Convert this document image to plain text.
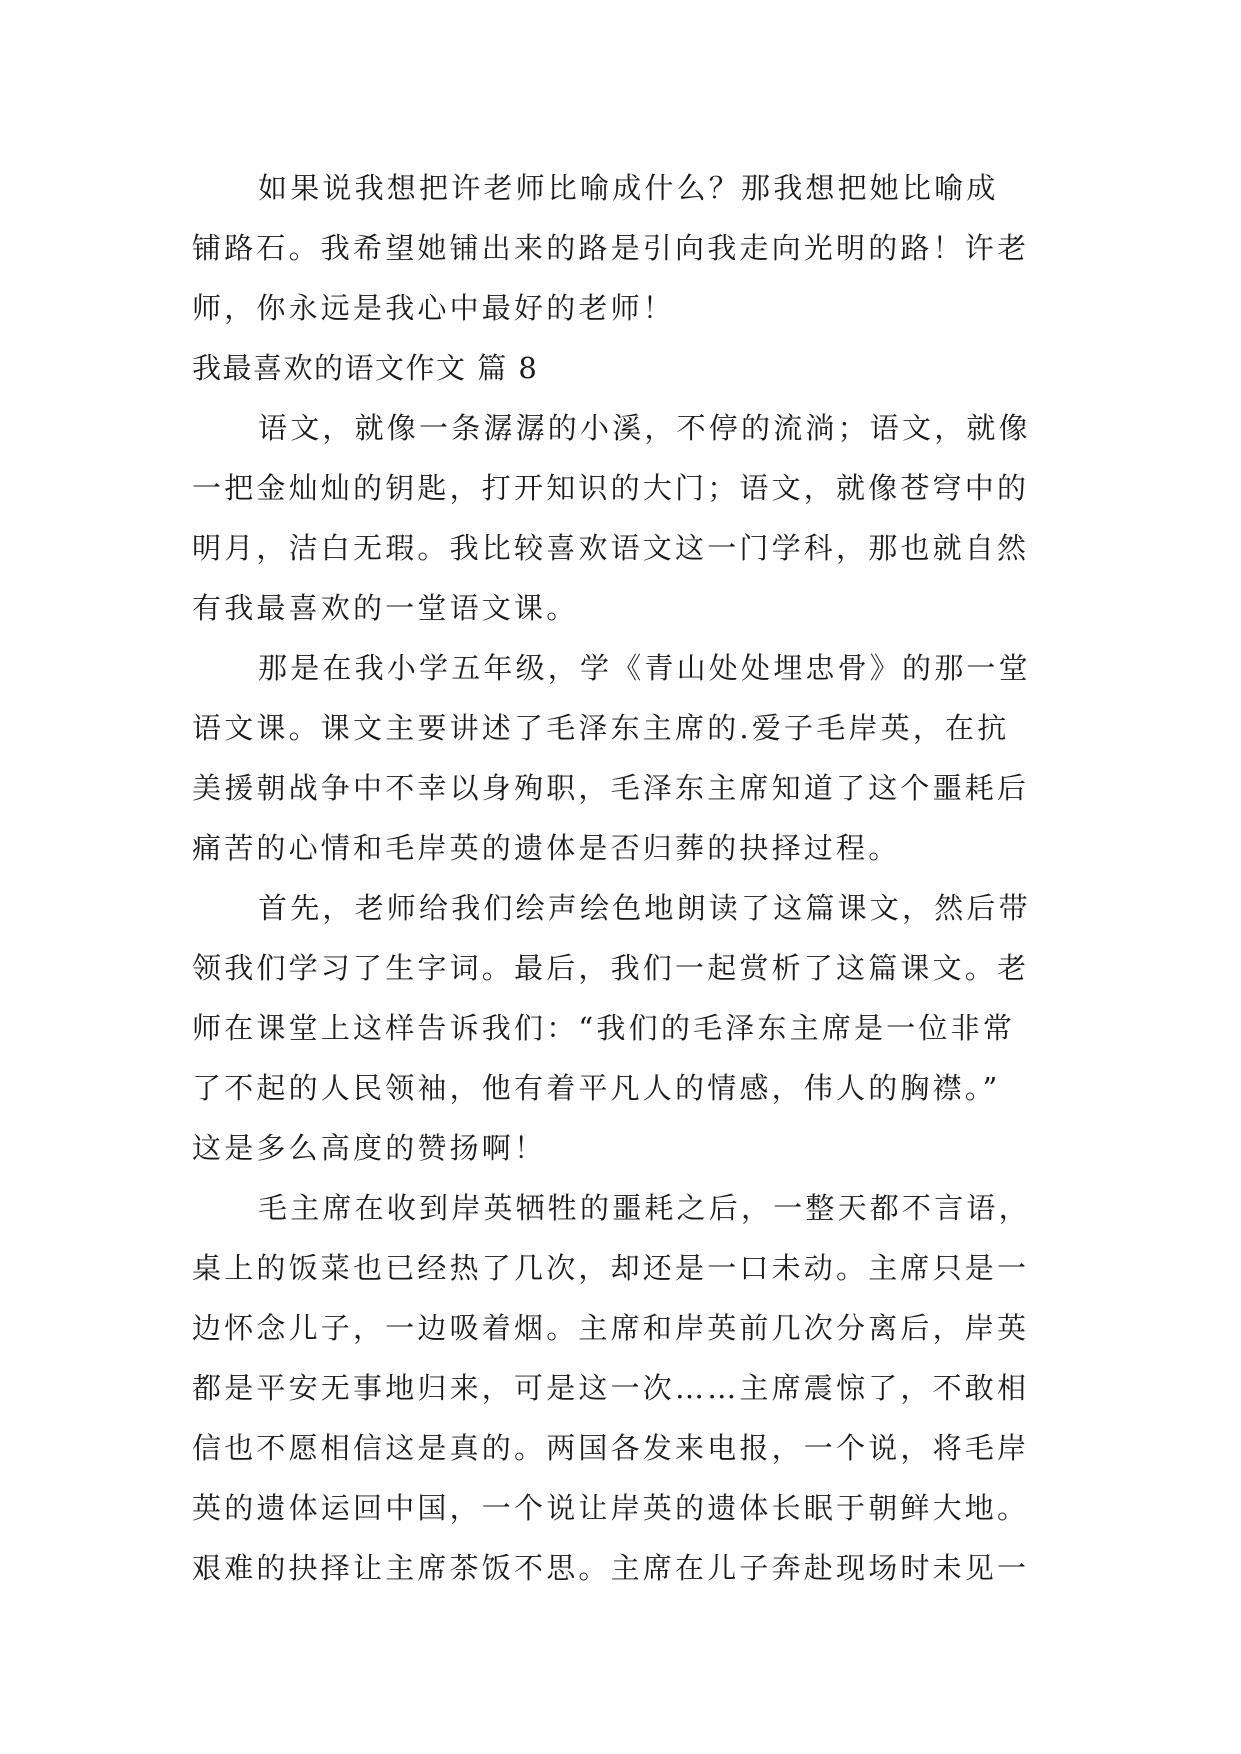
如果说我想把许老师比喻成什么？那我想把她比喻成
铺路石。我希望她铺出来的路是引向我走向光明的路！许老
师，你永远是我心中最好的老师！
我最喜欢的语文作文 篇 8
语文，就像一条潺潺的小溪，不停的流淌；语文，就像
一把金灿灿的钥匙，打开知识的大门；语文，就像苍穹中的
明月，洁白无瑕。我比较喜欢语文这一门学科，那也就自然
有我最喜欢的一堂语文课。
那是在我小学五年级，学《青山处处埋忠骨》的那一堂
语文课。课文主要讲述了毛泽东主席的.爱子毛岸英，在抗
美援朝战争中不幸以身殉职，毛泽东主席知道了这个噩耗后
痛苦的心情和毛岸英的遗体是否归葬的抉择过程。
首先，老师给我们绘声绘色地朗读了这篇课文，然后带
领我们学习了生字词。最后，我们一起赏析了这篇课文。老
师在课堂上这样告诉我们：“我们的毛泽东主席是一位非常
了不起的人民领袖，他有着平凡人的情感，伟人的胸襟。”
这是多么高度的赞扬啊！
毛主席在收到岸英牺牲的噩耗之后，一整天都不言语，
桌上的饭菜也已经热了几次，却还是一口未动。主席只是一
边怀念儿子，一边吸着烟。主席和岸英前几次分离后，岸英
都是平安无事地归来，可是这一次……主席震惊了，不敢相
信也不愿相信这是真的。两国各发来电报，一个说，将毛岸
英的遗体运回中国，一个说让岸英的遗体长眠于朝鲜大地。
艰难的抉择让主席茶饭不思。主席在儿子奔赴现场时未见一
